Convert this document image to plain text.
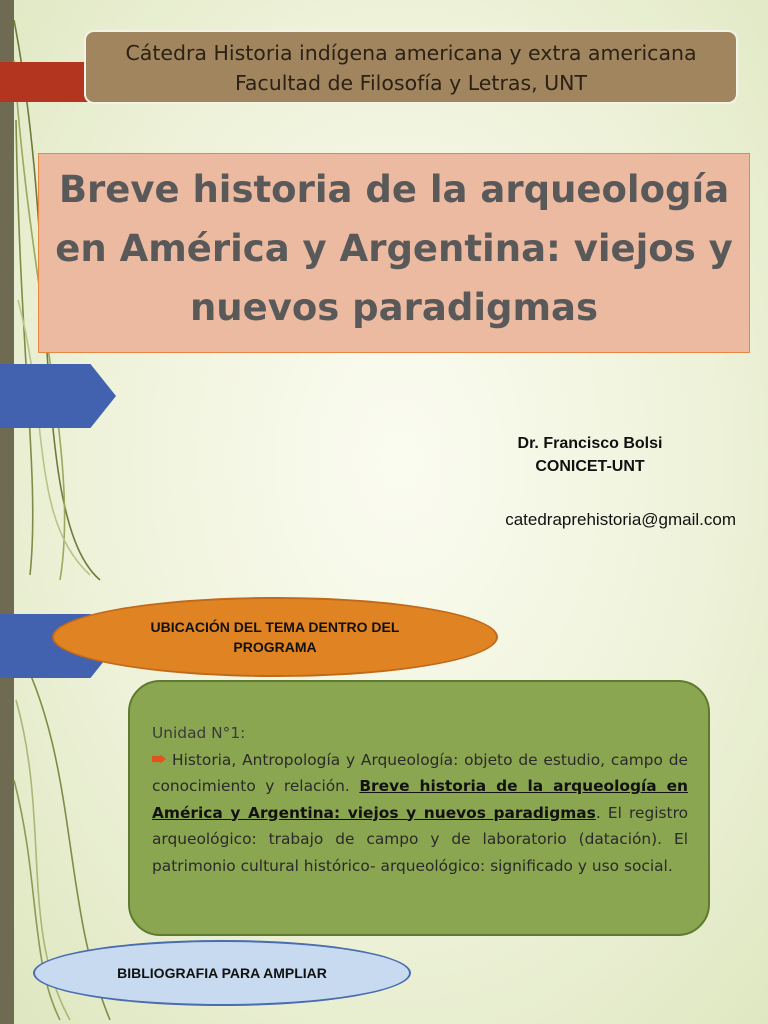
Cátedra Historia indígena americana y extra americana
Facultad de Filosofía y Letras, UNT
Breve historia de la arqueología
en América y Argentina: viejos y
nuevos paradigmas
Dr. Francisco Bolsi
CONICET-UNT
catedraprehistoria@gmail.com
UBICACIÓN DEL TEMA DENTRO DEL PROGRAMA
Unidad N°1:
Historia, Antropología y Arqueología: objeto de estudio, campo de conocimiento y relación. Breve historia de la arqueología en América y Argentina: viejos y nuevos paradigmas. El registro arqueológico: trabajo de campo y de laboratorio (datación). El patrimonio cultural histórico- arqueológico: significado y uso social.
BIBLIOGRAFIA PARA AMPLIAR
